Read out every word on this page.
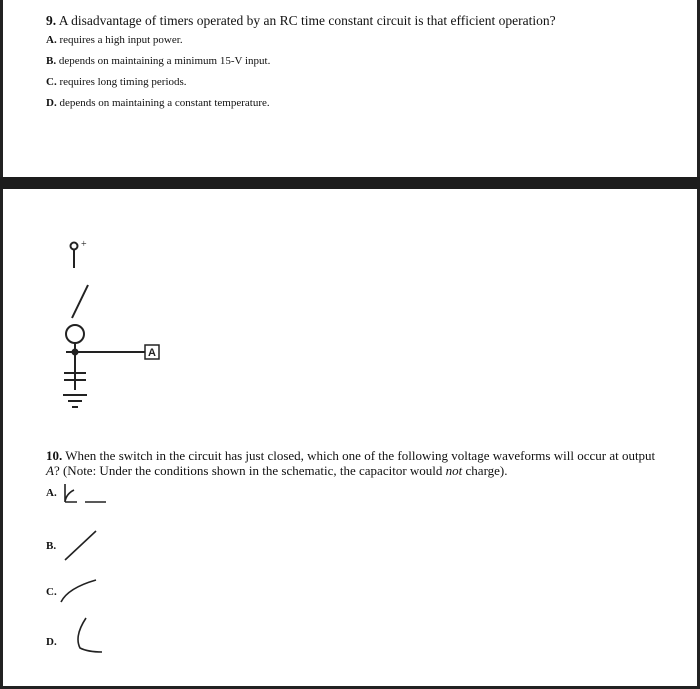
9. A disadvantage of timers operated by an RC time constant circuit is that efficient operation?

A. requires a high input power.

B. depends on maintaining a minimum 15-V input.

C. requires long timing periods.

D. depends on maintaining a constant temperature.

+
A

10. When the switch in the circuit has just closed, which one of the following voltage waveforms will occur at output A? (Note: Under the conditions shown in the schematic, the capacitor would not charge).

A.
B.
C.
D.
